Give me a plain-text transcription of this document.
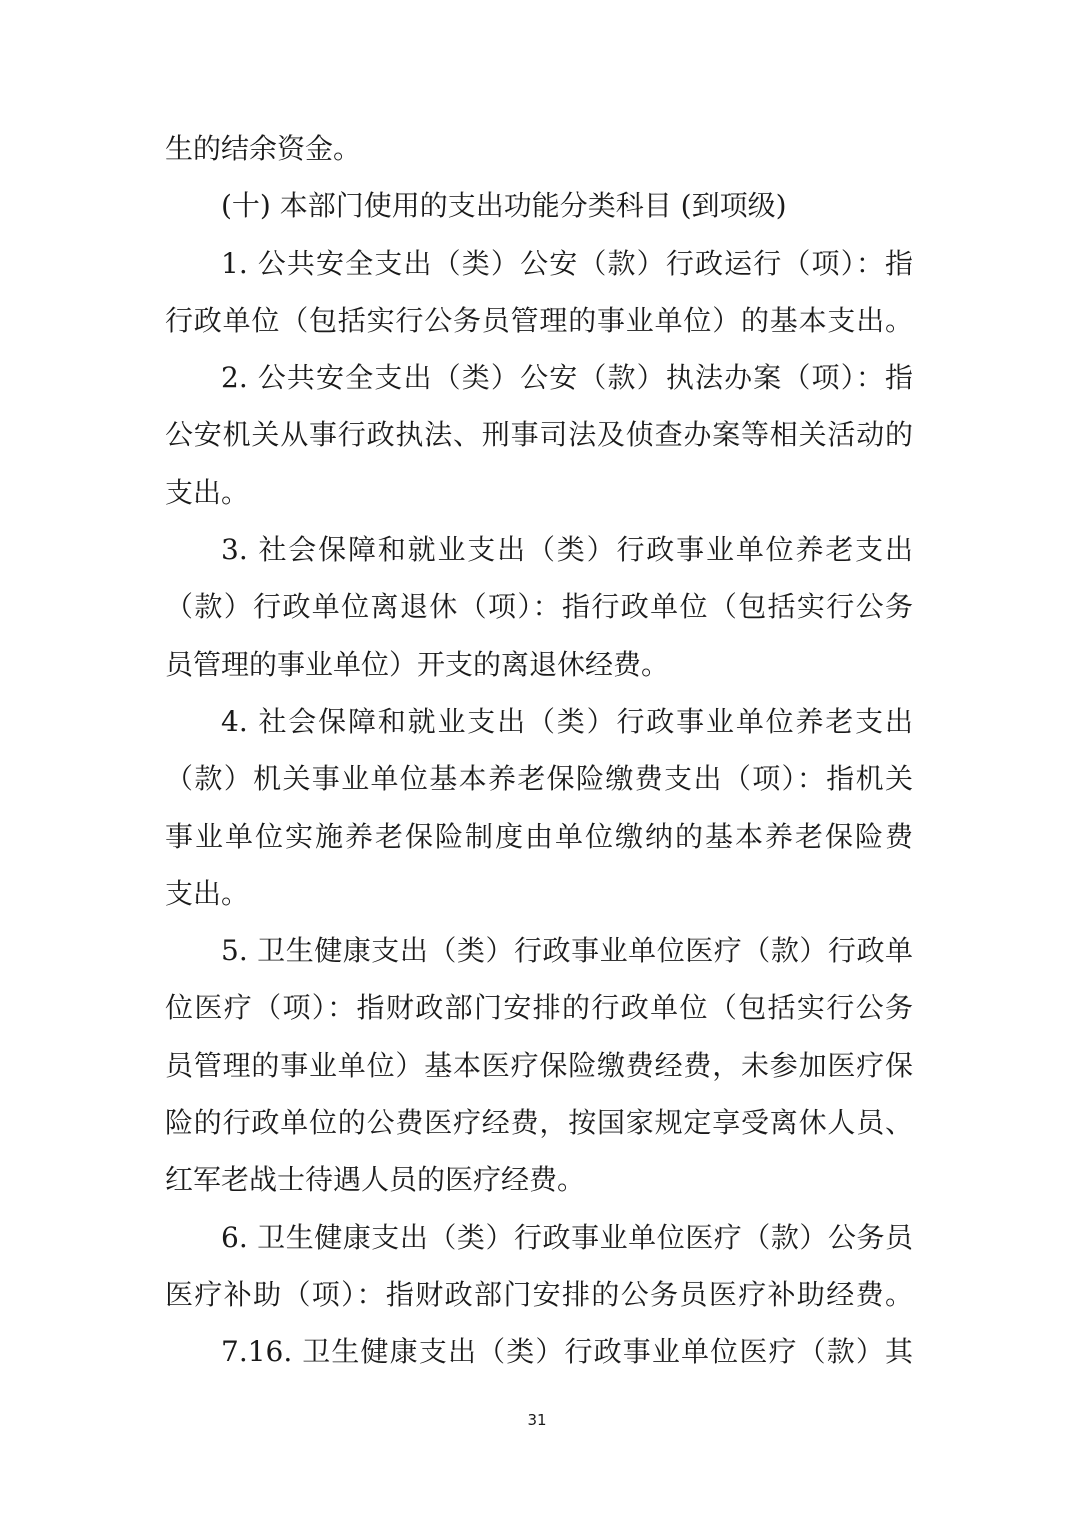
生的结余资金。
(十) 本部门使用的支出功能分类科目 (到项级)
1. 公共安全支出（类）公安（款）行政运行（项）：指
行政单位（包括实行公务员管理的事业单位）的基本支出。
2. 公共安全支出（类）公安（款）执法办案（项）：指
公安机关从事行政执法、刑事司法及侦查办案等相关活动的
支出。
3. 社会保障和就业支出（类）行政事业单位养老支出
（款）行政单位离退休（项）：指行政单位（包括实行公务
员管理的事业单位）开支的离退休经费。
4. 社会保障和就业支出（类）行政事业单位养老支出
（款）机关事业单位基本养老保险缴费支出（项）：指机关
事业单位实施养老保险制度由单位缴纳的基本养老保险费
支出。
5. 卫生健康支出（类）行政事业单位医疗（款）行政单
位医疗（项）：指财政部门安排的行政单位（包括实行公务
员管理的事业单位）基本医疗保险缴费经费，未参加医疗保
险的行政单位的公费医疗经费，按国家规定享受离休人员、
红军老战士待遇人员的医疗经费。
6. 卫生健康支出（类）行政事业单位医疗（款）公务员
医疗补助（项）：指财政部门安排的公务员医疗补助经费。
7.16. 卫生健康支出（类）行政事业单位医疗（款）其
31
